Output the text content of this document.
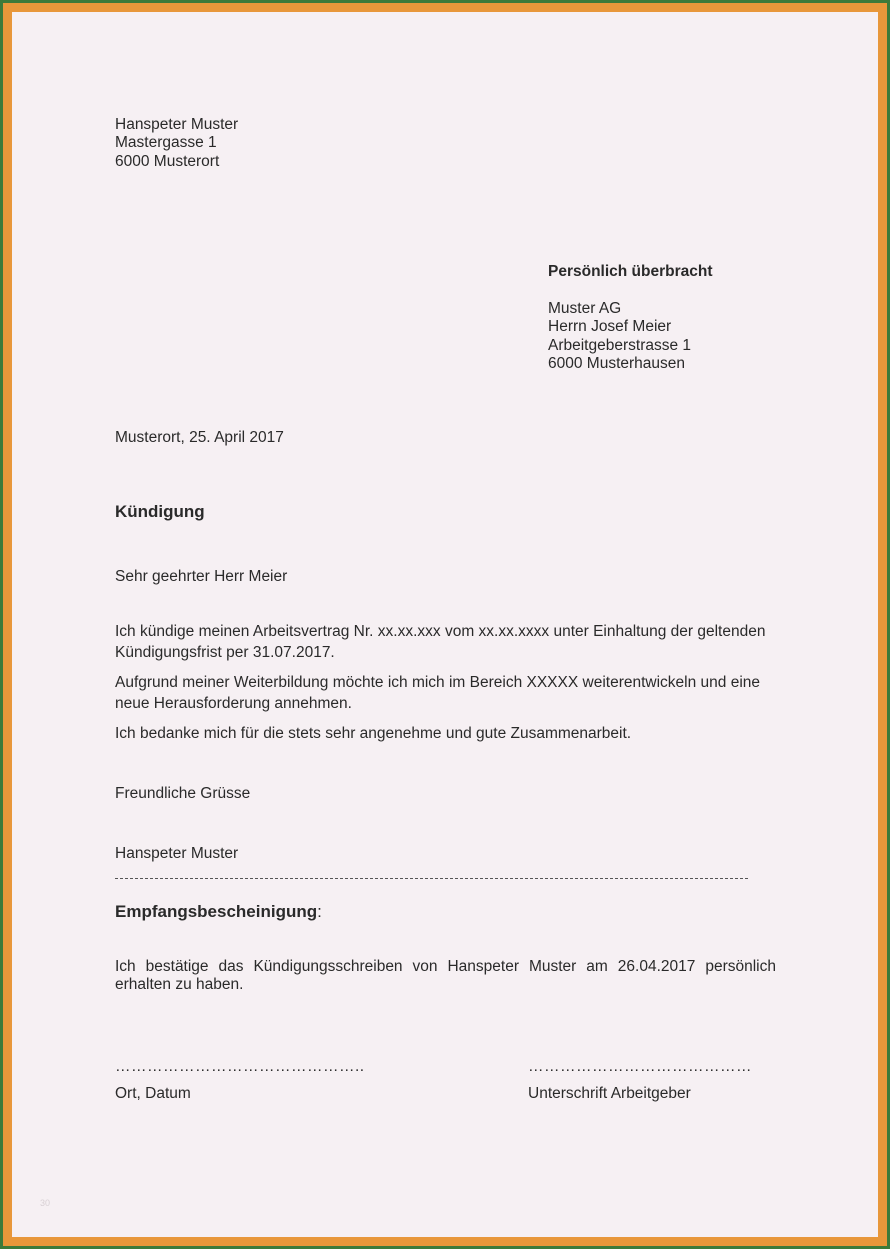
Hanspeter Muster
Mastergasse 1
6000 Musterort
Persönlich überbracht
Muster AG
Herrn Josef Meier
Arbeitgeberstrasse 1
6000 Musterhausen
Musterort, 25. April 2017
Kündigung
Sehr geehrter Herr Meier
Ich kündige meinen Arbeitsvertrag Nr. xx.xx.xxx vom xx.xx.xxxx unter Einhaltung der geltenden
Kündigungsfrist per 31.07.2017.
Aufgrund meiner Weiterbildung möchte ich mich im Bereich XXXXX weiterentwickeln und eine
neue Herausforderung annehmen.
Ich bedanke mich für die stets sehr angenehme und gute Zusammenarbeit.
Freundliche Grüsse
Hanspeter Muster
Empfangsbescheinigung:
Ich bestätige das Kündigungsschreiben von Hanspeter Muster am 26.04.2017 persönlich
erhalten zu haben.
………………………………………..	……………………………………
Ort, Datum	Unterschrift Arbeitgeber
30
